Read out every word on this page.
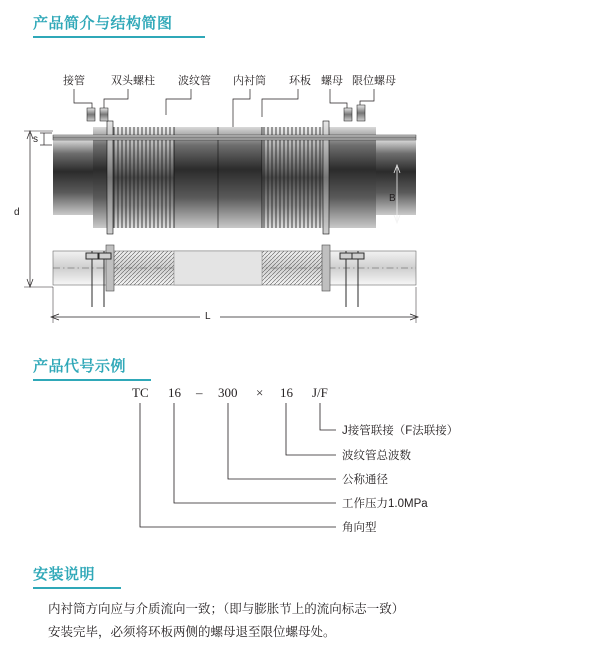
产品简介与结构简图
接管 双头螺柱 波纹管 内衬筒 环板 螺母 限位螺母
s
d
B
L
产品代号示例
TC 16 – 300 × 16 J/F
J接管联接（F法联接）
波纹管总波数
公称通径
工作压力1.0MPa
角向型
安装说明

内衬筒方向应与介质流向一致；（即与膨胀节上的流向标志一致）

安装完毕，必须将环板两侧的螺母退至限位螺母处。
